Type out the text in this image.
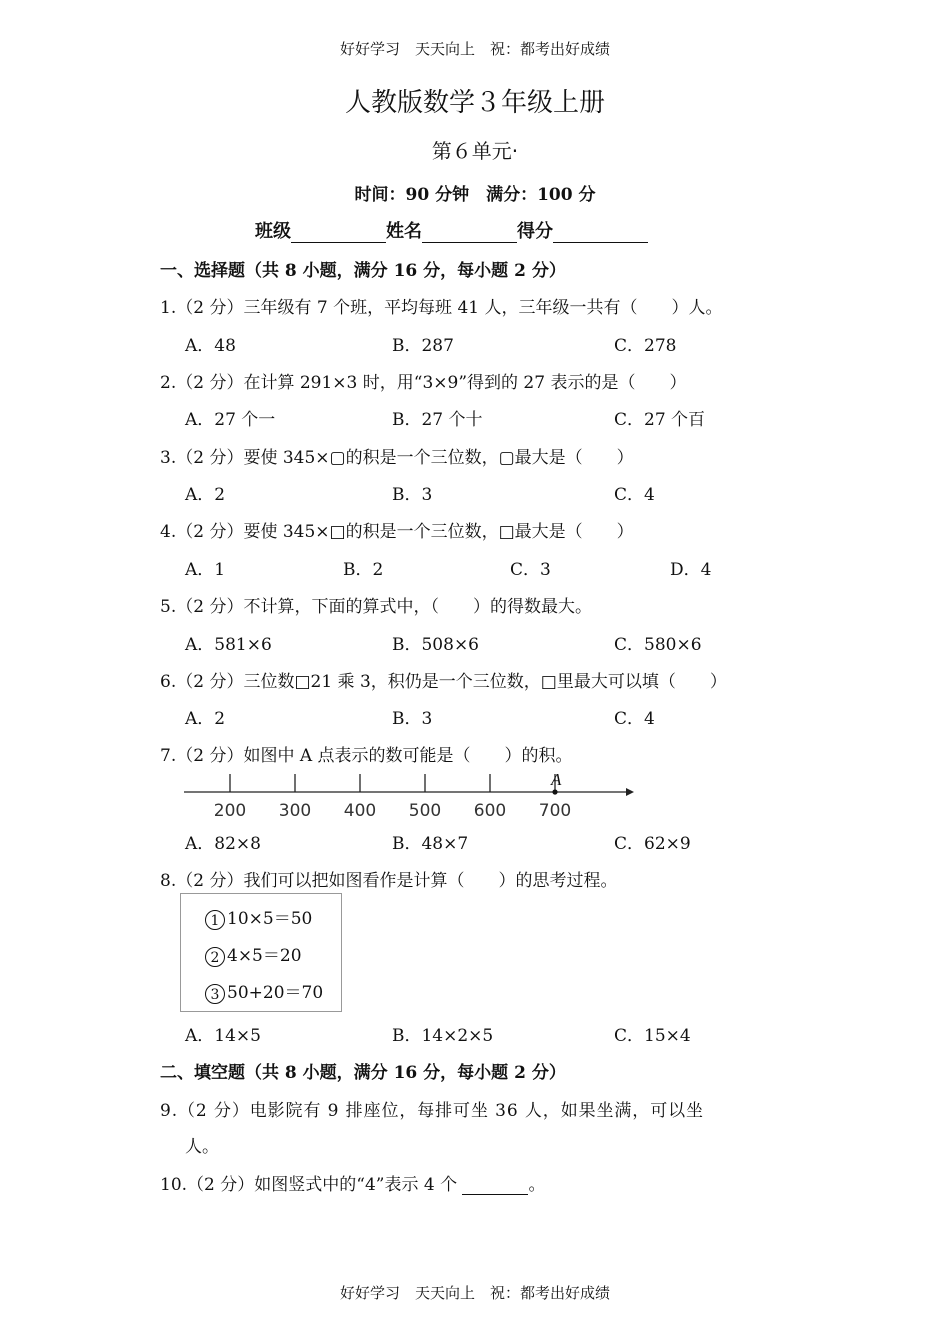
好好学习　天天向上　祝：都考出好成绩
人教版数学３年级上册
第６单元·
时间：90 分钟　满分：100 分
班级	姓名	得分
一、选择题（共 8 小题，满分 16 分，每小题 2 分）
1.（2 分）三年级有 7 个班，平均每班 41 人，三年级一共有（　　）人。
A．48	B．287	C．278
2.（2 分）在计算 291×3 时，用“3×9”得到的 27 表示的是（　　）
A．27 个一	B．27 个十	C．27 个百
3.（2 分）要使 345×▢的积是一个三位数，▢最大是（　　）
A．2	B．3	C．4
4.（2 分）要使 345×□的积是一个三位数，□最大是（　　）
A．1	B．2	C．3	D．4
5.（2 分）不计算，下面的算式中，（　　）的得数最大。
A．581×6	B．508×6	C．580×6
6.（2 分）三位数□21 乘 3，积仍是一个三位数，□里最大可以填（　　）
A．2	B．3	C．4
7.（2 分）如图中 A 点表示的数可能是（　　）的积。
200 300 400 500 600 700
A
A．82×8	B．48×7	C．62×9
8.（2 分）我们可以把如图看作是计算（　　）的思考过程。
1 10×5＝50
2 4×5＝20
3 50+20＝70
A．14×5	B．14×2×5	C．15×4
二、填空题（共 8 小题，满分 16 分，每小题 2 分）
9.（2 分）电影院有 9 排座位，每排可坐 36 人，如果坐满，可以坐
人。
10.（2 分）如图竖式中的“4”表示 4 个	。
好好学习　天天向上　祝：都考出好成绩
